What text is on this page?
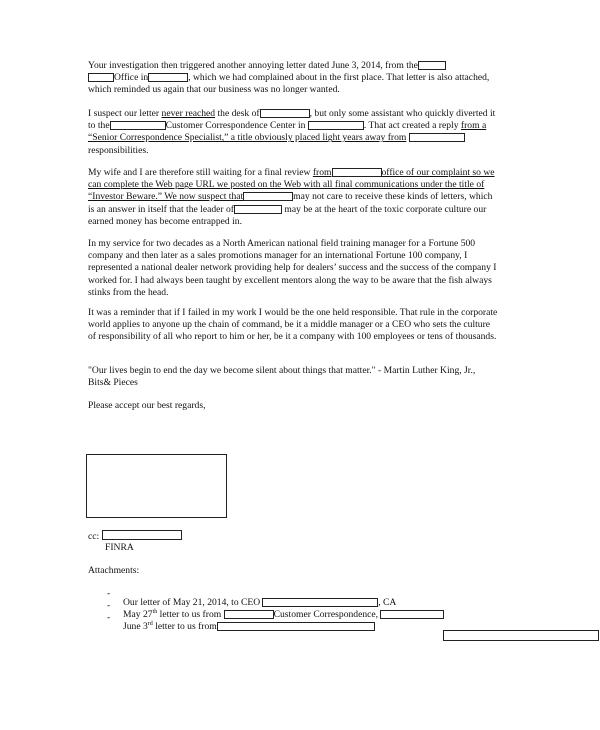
Your investigation then triggered another annoying letter dated June 3, 2014, from the
Office in	, which we had complained about in the first place. That letter is also attached, which reminded us again that our business was no longer wanted.

I suspect our letter never reached the desk of	, but only some assistant who quickly diverted it to the	Customer Correspondence Center in	. That act created a reply from a “Senior Correspondence Specialist,” a title obviously placed light years away from responsibilities.

My wife and I are therefore still waiting for a final review from	office of our complaint so we can complete the Web page URL we posted on the Web with all final communications under the title of “Investor Beware.” We now suspect that	may not care to receive these kinds of letters, which is an answer in itself that the leader of	may be at the heart of the toxic corporate culture our earned money has become entrapped in.

In my service for two decades as a North American national field training manager for a Fortune 500 company and then later as a sales promotions manager for an international Fortune 100 company, I represented a national dealer network providing help for dealers’ success and the success of the company I worked for. I had always been taught by excellent mentors along the way to be aware that the fish always stinks from the head.

It was a reminder that if I failed in my work I would be the one held responsible. That rule in the corporate world applies to anyone up the chain of command, be it a middle manager or a CEO who sets the culture of responsibility of all who report to him or her, be it a company with 100 employees or tens of thousands.

"Our lives begin to end the day we become silent about things that matter." - Martin Luther King, Jr., Bits& Pieces

Please accept our best regards,

cc:

FINRA

Attachments:

-

Our letter of May 21, 2014, to CEO	, CA

-

May 27th letter to us from	Customer Correspondence,

-

June 3rd letter to us from
